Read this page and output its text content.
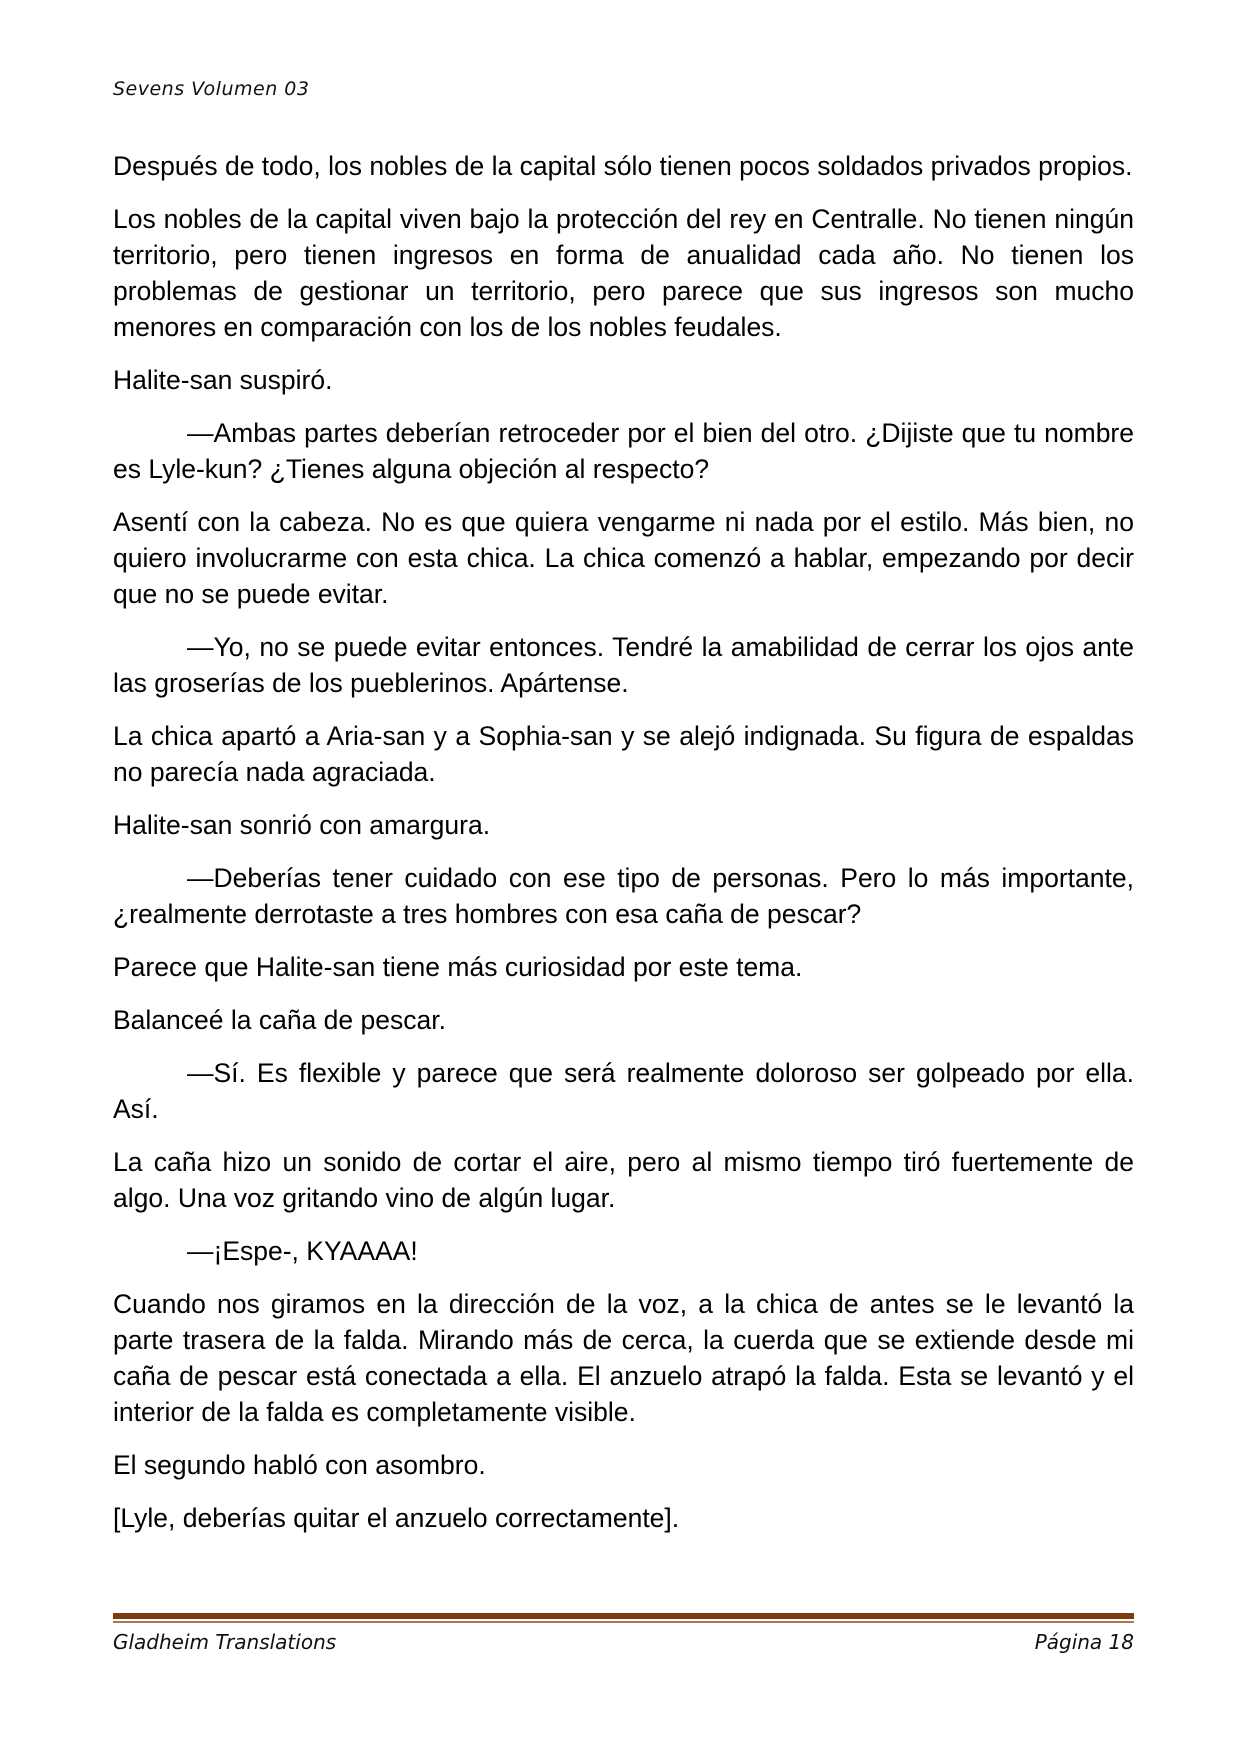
Sevens Volumen 03

Después de todo, los nobles de la capital sólo tienen pocos soldados privados propios.

Los nobles de la capital viven bajo la protección del rey en Centralle. No tienen ningún territorio, pero tienen ingresos en forma de anualidad cada año. No tienen los problemas de gestionar un territorio, pero parece que sus ingresos son mucho menores en comparación con los de los nobles feudales.

Halite-san suspiró.

—Ambas partes deberían retroceder por el bien del otro. ¿Dijiste que tu nombre es Lyle-kun? ¿Tienes alguna objeción al respecto?

Asentí con la cabeza. No es que quiera vengarme ni nada por el estilo. Más bien, no quiero involucrarme con esta chica. La chica comenzó a hablar, empezando por decir que no se puede evitar.

—Yo, no se puede evitar entonces. Tendré la amabilidad de cerrar los ojos ante las groserías de los pueblerinos. Apártense.

La chica apartó a Aria-san y a Sophia-san y se alejó indignada. Su figura de espaldas no parecía nada agraciada.

Halite-san sonrió con amargura.

—Deberías tener cuidado con ese tipo de personas. Pero lo más importante, ¿realmente derrotaste a tres hombres con esa caña de pescar?

Parece que Halite-san tiene más curiosidad por este tema.

Balanceé la caña de pescar.

—Sí. Es flexible y parece que será realmente doloroso ser golpeado por ella. Así.

La caña hizo un sonido de cortar el aire, pero al mismo tiempo tiró fuertemente de algo. Una voz gritando vino de algún lugar.

—¡Espe-, KYAAAA!

Cuando nos giramos en la dirección de la voz, a la chica de antes se le levantó la parte trasera de la falda. Mirando más de cerca, la cuerda que se extiende desde mi caña de pescar está conectada a ella. El anzuelo atrapó la falda. Esta se levantó y el interior de la falda es completamente visible.

El segundo habló con asombro.

[Lyle, deberías quitar el anzuelo correctamente].

Gladheim Translations	Página 18
